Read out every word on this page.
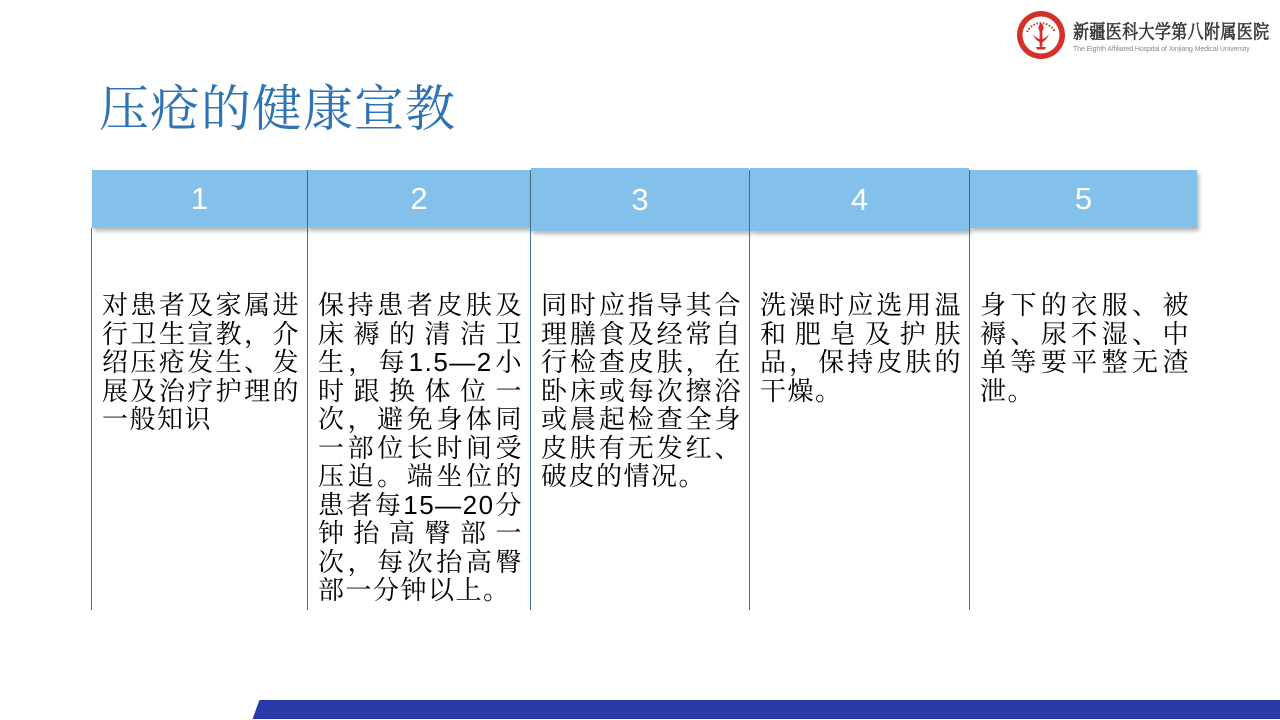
新疆医科大学第八附属医院
The Eighth Affiliated Hospital of Xinjiang Medical University
压疮的健康宣教
1

对患者及家属进行卫生宣教，介绍压疮发生、发展及治疗护理的一般知识

2

保持患者皮肤及床褥的清洁卫生，每1.5—2小时跟换体位一次，避免身体同一部位长时间受压迫。端坐位的患者每15—20分钟抬高臀部一次，每次抬高臀部一分钟以上。

3

同时应指导其合理膳食及经常自行检查皮肤，在卧床或每次擦浴或晨起检查全身皮肤有无发红、破皮的情况。

4

洗澡时应选用温和肥皂及护肤品，保持皮肤的干燥。

5

身下的衣服、被褥、尿不湿、中单等要平整无渣泄。
